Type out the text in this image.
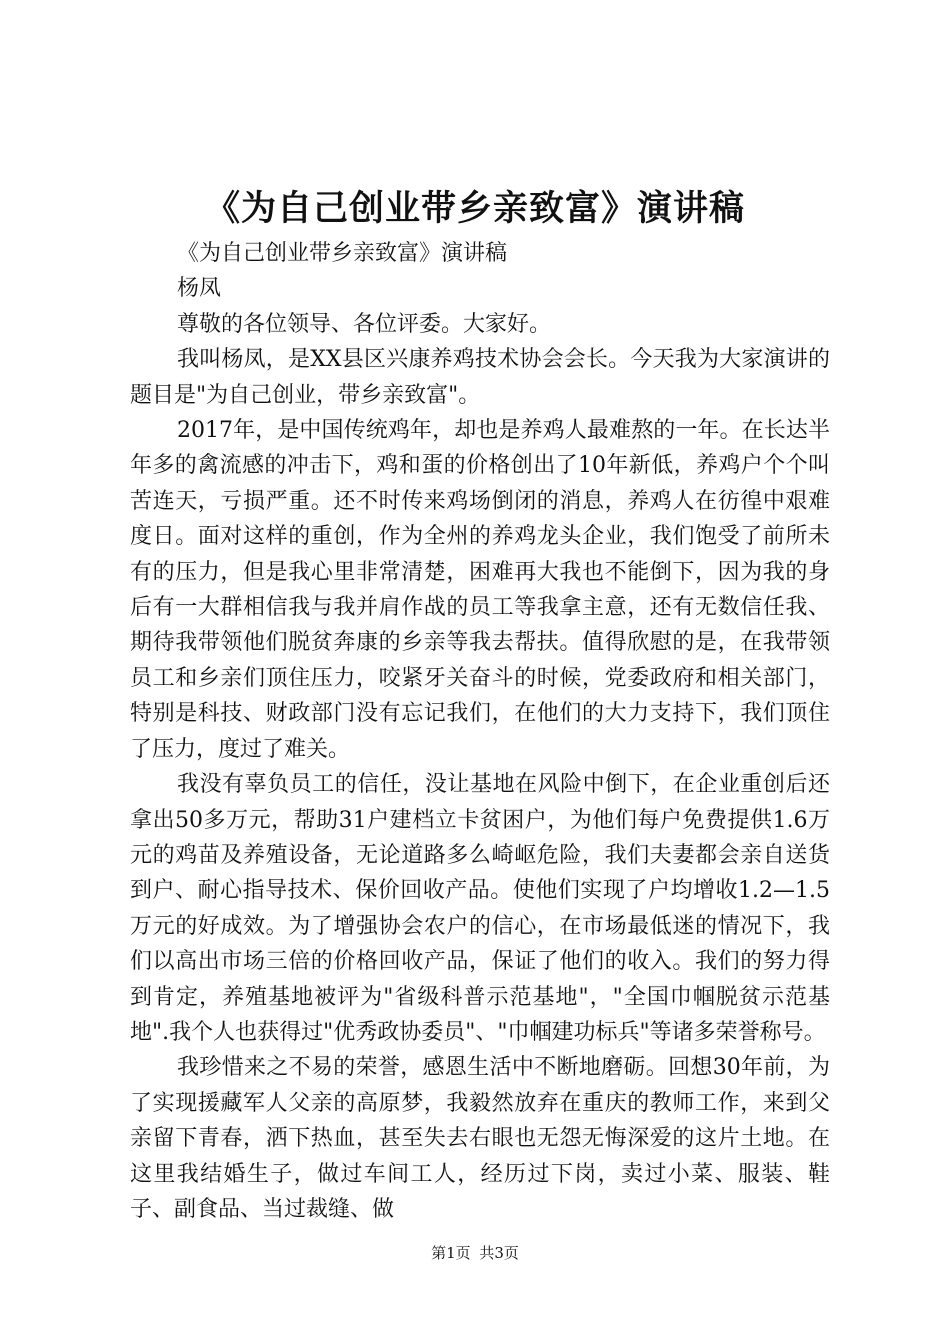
《为自己创业带乡亲致富》演讲稿

《为自己创业带乡亲致富》演讲稿

杨凤

尊敬的各位领导、各位评委。大家好。

我叫杨凤，是XX县区兴康养鸡技术协会会长。今天我为大家演讲的题目是"为自己创业，带乡亲致富"。

2017年，是中国传统鸡年，却也是养鸡人最难熬的一年。在长达半年多的禽流感的冲击下，鸡和蛋的价格创出了10年新低，养鸡户个个叫苦连天，亏损严重。还不时传来鸡场倒闭的消息，养鸡人在彷徨中艰难度日。面对这样的重创，作为全州的养鸡龙头企业，我们饱受了前所未有的压力，但是我心里非常清楚，困难再大我也不能倒下，因为我的身后有一大群相信我与我并肩作战的员工等我拿主意，还有无数信任我、期待我带领他们脱贫奔康的乡亲等我去帮扶。值得欣慰的是，在我带领员工和乡亲们顶住压力，咬紧牙关奋斗的时候，党委政府和相关部门，特别是科技、财政部门没有忘记我们，在他们的大力支持下，我们顶住了压力，度过了难关。

我没有辜负员工的信任，没让基地在风险中倒下，在企业重创后还拿出50多万元，帮助31户建档立卡贫困户，为他们每户免费提供1.6万元的鸡苗及养殖设备，无论道路多么崎岖危险，我们夫妻都会亲自送货到户、耐心指导技术、保价回收产品。使他们实现了户均增收1.2—1.5万元的好成效。为了增强协会农户的信心，在市场最低迷的情况下，我们以高出市场三倍的价格回收产品，保证了他们的收入。我们的努力得到肯定，养殖基地被评为"省级科普示范基地"，"全国巾帼脱贫示范基地".我个人也获得过"优秀政协委员"、"巾帼建功标兵"等诸多荣誉称号。

我珍惜来之不易的荣誉，感恩生活中不断地磨砺。回想30年前，为了实现援藏军人父亲的高原梦，我毅然放弃在重庆的教师工作，来到父亲留下青春，洒下热血，甚至失去右眼也无怨无悔深爱的这片土地。在这里我结婚生子，做过车间工人，经历过下岗，卖过小菜、服装、鞋子、副食品、当过裁缝、做

第1页 共3页
